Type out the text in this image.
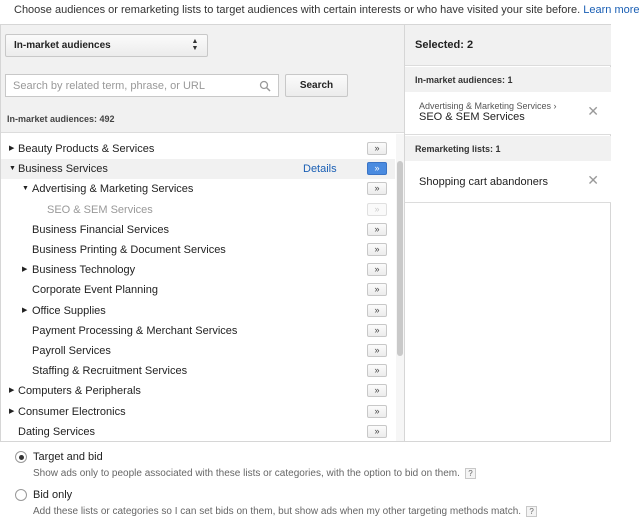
Choose audiences or remarketing lists to target audiences with certain interests or who have visited your site before. Learn more
In-market audiences	▲
▼
Search by related term, phrase, or URL	Search
In-market audiences: 492
▶ Beauty Products & Services	»
▼ Business Services	Details	»
▼ Advertising & Marketing Services	»
SEO & SEM Services	»
Business Financial Services	»
Business Printing & Document Services	»
▶ Business Technology	»
Corporate Event Planning	»
▶ Office Supplies	»
Payment Processing & Merchant Services	»
Payroll Services	»
Staffing & Recruitment Services	»
▶ Computers & Peripherals	»
▶ Consumer Electronics	»
Dating Services	»
Selected: 2
In-market audiences: 1
Advertising & Marketing Services ›
SEO & SEM Services	✕
Remarketing lists: 1
Shopping cart abandoners	✕
Target and bid
Show ads only to people associated with these lists or categories, with the option to bid on them. ?
Bid only
Add these lists or categories so I can set bids on them, but show ads when my other targeting methods match. ?
